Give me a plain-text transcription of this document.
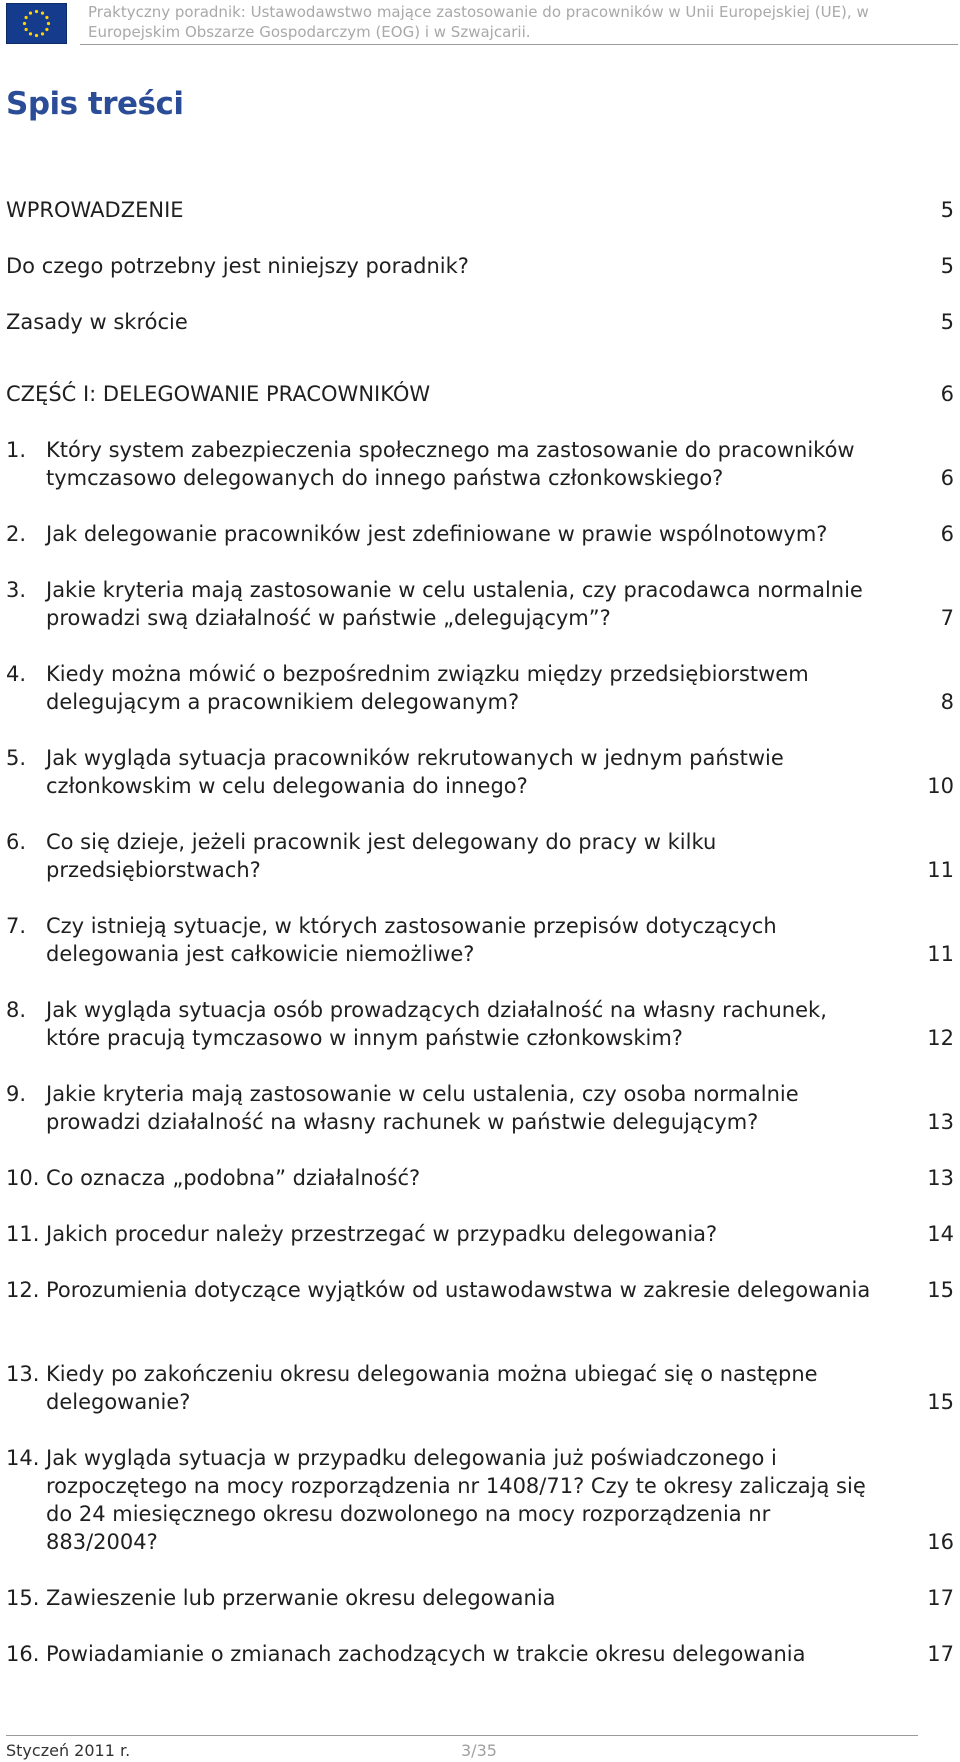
Praktyczny poradnik: Ustawodawstwo mające zastosowanie do pracowników w Unii Europejskiej (UE), w Europejskim Obszarze Gospodarczym (EOG) i w Szwajcarii.
Spis treści
WPROWADZENIE	5
Do czego potrzebny jest niniejszy poradnik?	5
Zasady w skrócie	5
CZĘŚĆ I: DELEGOWANIE PRACOWNIKÓW	6
1. Który system zabezpieczenia społecznego ma zastosowanie do pracowników tymczasowo delegowanych do innego państwa członkowskiego?	6
2. Jak delegowanie pracowników jest zdefiniowane w prawie wspólnotowym?	6
3. Jakie kryteria mają zastosowanie w celu ustalenia, czy pracodawca normalnie prowadzi swą działalność w państwie „delegującym”?	7
4. Kiedy można mówić o bezpośrednim związku między przedsiębiorstwem delegującym a pracownikiem delegowanym?	8
5. Jak wygląda sytuacja pracowników rekrutowanych w jednym państwie członkowskim w celu delegowania do innego?	10
6. Co się dzieje, jeżeli pracownik jest delegowany do pracy w kilku przedsiębiorstwach?	11
7. Czy istnieją sytuacje, w których zastosowanie przepisów dotyczących delegowania jest całkowicie niemożliwe?	11
8. Jak wygląda sytuacja osób prowadzących działalność na własny rachunek, które pracują tymczasowo w innym państwie członkowskim?	12
9. Jakie kryteria mają zastosowanie w celu ustalenia, czy osoba normalnie prowadzi działalność na własny rachunek w państwie delegującym?	13
10. Co oznacza „podobna” działalność?	13
11. Jakich procedur należy przestrzegać w przypadku delegowania?	14
12. Porozumienia dotyczące wyjątków od ustawodawstwa w zakresie delegowania	15
13. Kiedy po zakończeniu okresu delegowania można ubiegać się o następne delegowanie?	15
14. Jak wygląda sytuacja w przypadku delegowania już poświadczonego i rozpoczętego na mocy rozporządzenia nr 1408/71? Czy te okresy zaliczają się do 24 miesięcznego okresu dozwolonego na mocy rozporządzenia nr 883/2004?	16
15. Zawieszenie lub przerwanie okresu delegowania	17
16. Powiadamianie o zmianach zachodzących w trakcie okresu delegowania	17
Styczeń 2011 r.	3/35
